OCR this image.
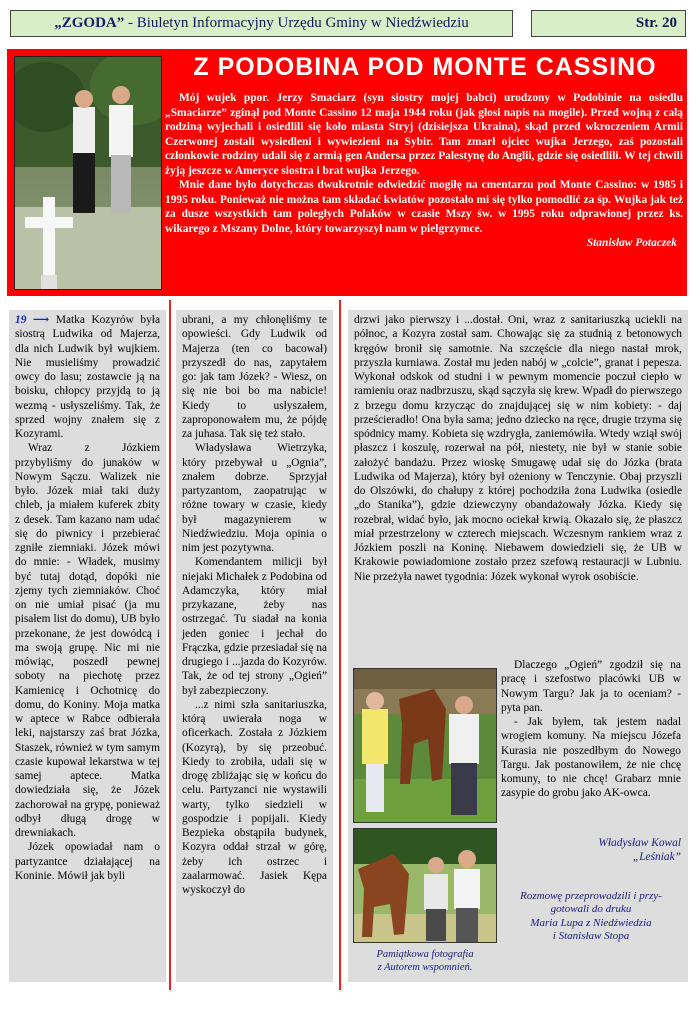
„ZGODA” - Biuletyn Informacyjny Urzędu Gminy w Niedźwiedziu	Str. 20
Z PODOBINA POD MONTE CASSINO

Mój wujek ppor. Jerzy Smaciarz (syn siostry mojej babci) urodzony w Podobinie na osiedlu „Smaciarze” zginął pod Monte Cassino 12 maja 1944 roku (jak głosi napis na mogile). Przed wojną z całą rodziną wyjechali i osiedlili się koło miasta Stryj (dzisiejsza Ukraina), skąd przed wkroczeniem Armii Czerwonej zostali wysiedleni i wywiezieni na Sybir. Tam zmarł ojciec wujka Jerzego, zaś pozostali członkowie rodziny udali się z armią gen Andersa przez Palestynę do Anglii, gdzie się osiedlili. W tej chwili żyją jeszcze w Ameryce siostra i brat wujka Jerzego.

Mnie dane było dotychczas dwukrotnie odwiedzić mogiłę na cmentarzu pod Monte Cassino: w 1985 i 1995 roku. Ponieważ nie można tam składać kwiatów pozostało mi się tylko pomodlić za śp. Wujka jak też za dusze wszystkich tam poległych Polaków w czasie Mszy św. w 1995 roku odprawionej przez ks. wikarego z Mszany Dolne, który towarzyszył nam w pielgrzymce.
Stanisław Potaczek

19 ⟶ Matka Kozyrów była siostrą Ludwika od Majerza, dla nich Ludwik był wujkiem. Nie musieliśmy prowadzić owcy do lasu; zostawcie ją na boisku, chłopcy przyjdą to ją wezmą - usłyszeliśmy. Tak, że sprzed wojny znałem się z Kozyrami.

Wraz z Józkiem przybyliśmy do junaków w Nowym Sączu. Walizek nie było. Józek miał taki duży chleb, ja miałem kuferek zbity z desek. Tam kazano nam udać się do piwnicy i przebierać zgniłe ziemniaki. Józek mówi do mnie: - Władek, musimy być tutaj dotąd, dopóki nie zjemy tych ziemniaków. Choć on nie umiał pisać (ja mu pisałem list do domu), UB było przekonane, że jest dowódcą i ma swoją grupę. Nic mi nie mówiąc, poszedł pewnej soboty na piechotę przez Kamienicę i Ochotnicę do domu, do Koniny. Moja matka w aptece w Rabce odbierała leki, najstarszy zaś brat Józka, Staszek, również w tym samym czasie kupował lekarstwa w tej samej aptece. Matka dowiedziała się, że Józek zachorował na grypę, ponieważ odbył długą drogę w drewniakach.

Józek opowiadał nam o partyzantce działającej na Koninie. Mówił jak byli

ubrani, a my chłonęliśmy te opowieści. Gdy Ludwik od Majerza (ten co bacował) przyszedł do nas, zapytałem go: jak tam Józek? - Wiesz, on się nie boi bo ma nabicie! Kiedy to usłyszałem, zaproponowałem mu, że pójdę za juhasa. Tak się też stało.

Władysława Wietrzyka, który przebywał u „Ognia”, znałem dobrze. Sprzyjał partyzantom, zaopatrując w różne towary w czasie, kiedy był magazynierem w Niedźwiedziu. Moja opinia o nim jest pozytywna.

Komendantem milicji był niejaki Michałek z Podobina od Adamczyka, który miał przykazane, żeby nas ostrzegać. Tu siadał na konia jeden goniec i jechał do Frączka, gdzie przesiadał się na drugiego i ...jazda do Kozyrów. Tak, że od tej strony „Ogień” był zabezpieczony.

...z nimi szła sanitariuszka, którą uwierała noga w oficerkach. Została z Józkiem (Kozyrą), by się przeobuć. Kiedy to zrobiła, udali się w drogę zbliżając się w końcu do celu. Partyzanci nie wystawili warty, tylko siedzieli w gospodzie i popijali. Kiedy Bezpieka obstąpiła budynek, Kozyra oddał strzał w górę, żeby ich ostrzec i zaalarmować. Jasiek Kępa wyskoczył do

drzwi jako pierwszy i ...dostał. Oni, wraz z sanitariuszką uciekli na północ, a Kozyra został sam. Chowając się za studnią z betonowych kręgów bronił się samotnie. Na szczęście dla niego nastał mrok, przyszła kurniawa. Został mu jeden nabój w „colcie”, granat i pepesza. Wykonał odskok od studni i w pewnym momencie poczuł ciepło w ramieniu oraz nadbrzuszu, skąd sączyła się krew. Wpadł do pierwszego z brzegu domu krzycząc do znajdującej się w nim kobiety: - daj prześcieradło! Ona była sama; jedno dziecko na ręce, drugie trzyma się spódnicy mamy. Kobieta się wzdrygła, zaniemówiła. Wtedy wziął swój płaszcz i koszulę, rozerwał na pół, niestety, nie był w stanie sobie założyć bandażu. Przez wioskę Smugawę udał się do Józka (brata Ludwika od Majerza), który był ożeniony w Tenczynie. Obaj przyszli do Olszówki, do chałupy z której pochodziła żona Ludwika (osiedle „do Stanika”), gdzie dziewczyny obandażowały Józka. Kiedy się rozebrał, widać było, jak mocno ociekał krwią. Okazało się, że płaszcz miał przestrzelony w czterech miejscach. Wczesnym rankiem wraz z Józkiem poszli na Koninę. Niebawem dowiedzieli się, że UB w Krakowie powiadomione zostało przez szefową restauracji w Lubniu. Nie przeżyła nawet tygodnia: Józek wykonał wyrok osobiście.

Pamiątkowa fotografia
z Autorem wspomnień.

Dlaczego „Ogień” zgodził się na pracę i szefostwo placówki UB w Nowym Targu? Jak ja to oceniam? - pyta pan.

- Jak byłem, tak jestem nadal wrogiem komuny. Na miejscu Józefa Kurasia nie poszedłbym do Nowego Targu. Jak postanowiłem, że nie chcę komuny, to nie chcę! Grabarz mnie zasypie do grobu jako AK-owca.

Władysław Kowal
„Leśniak”
Rozmowę przeprowadzili i przy-
gotowali do druku
Maria Lupa z Niedźwiedzia
i Stanisław Stopa
